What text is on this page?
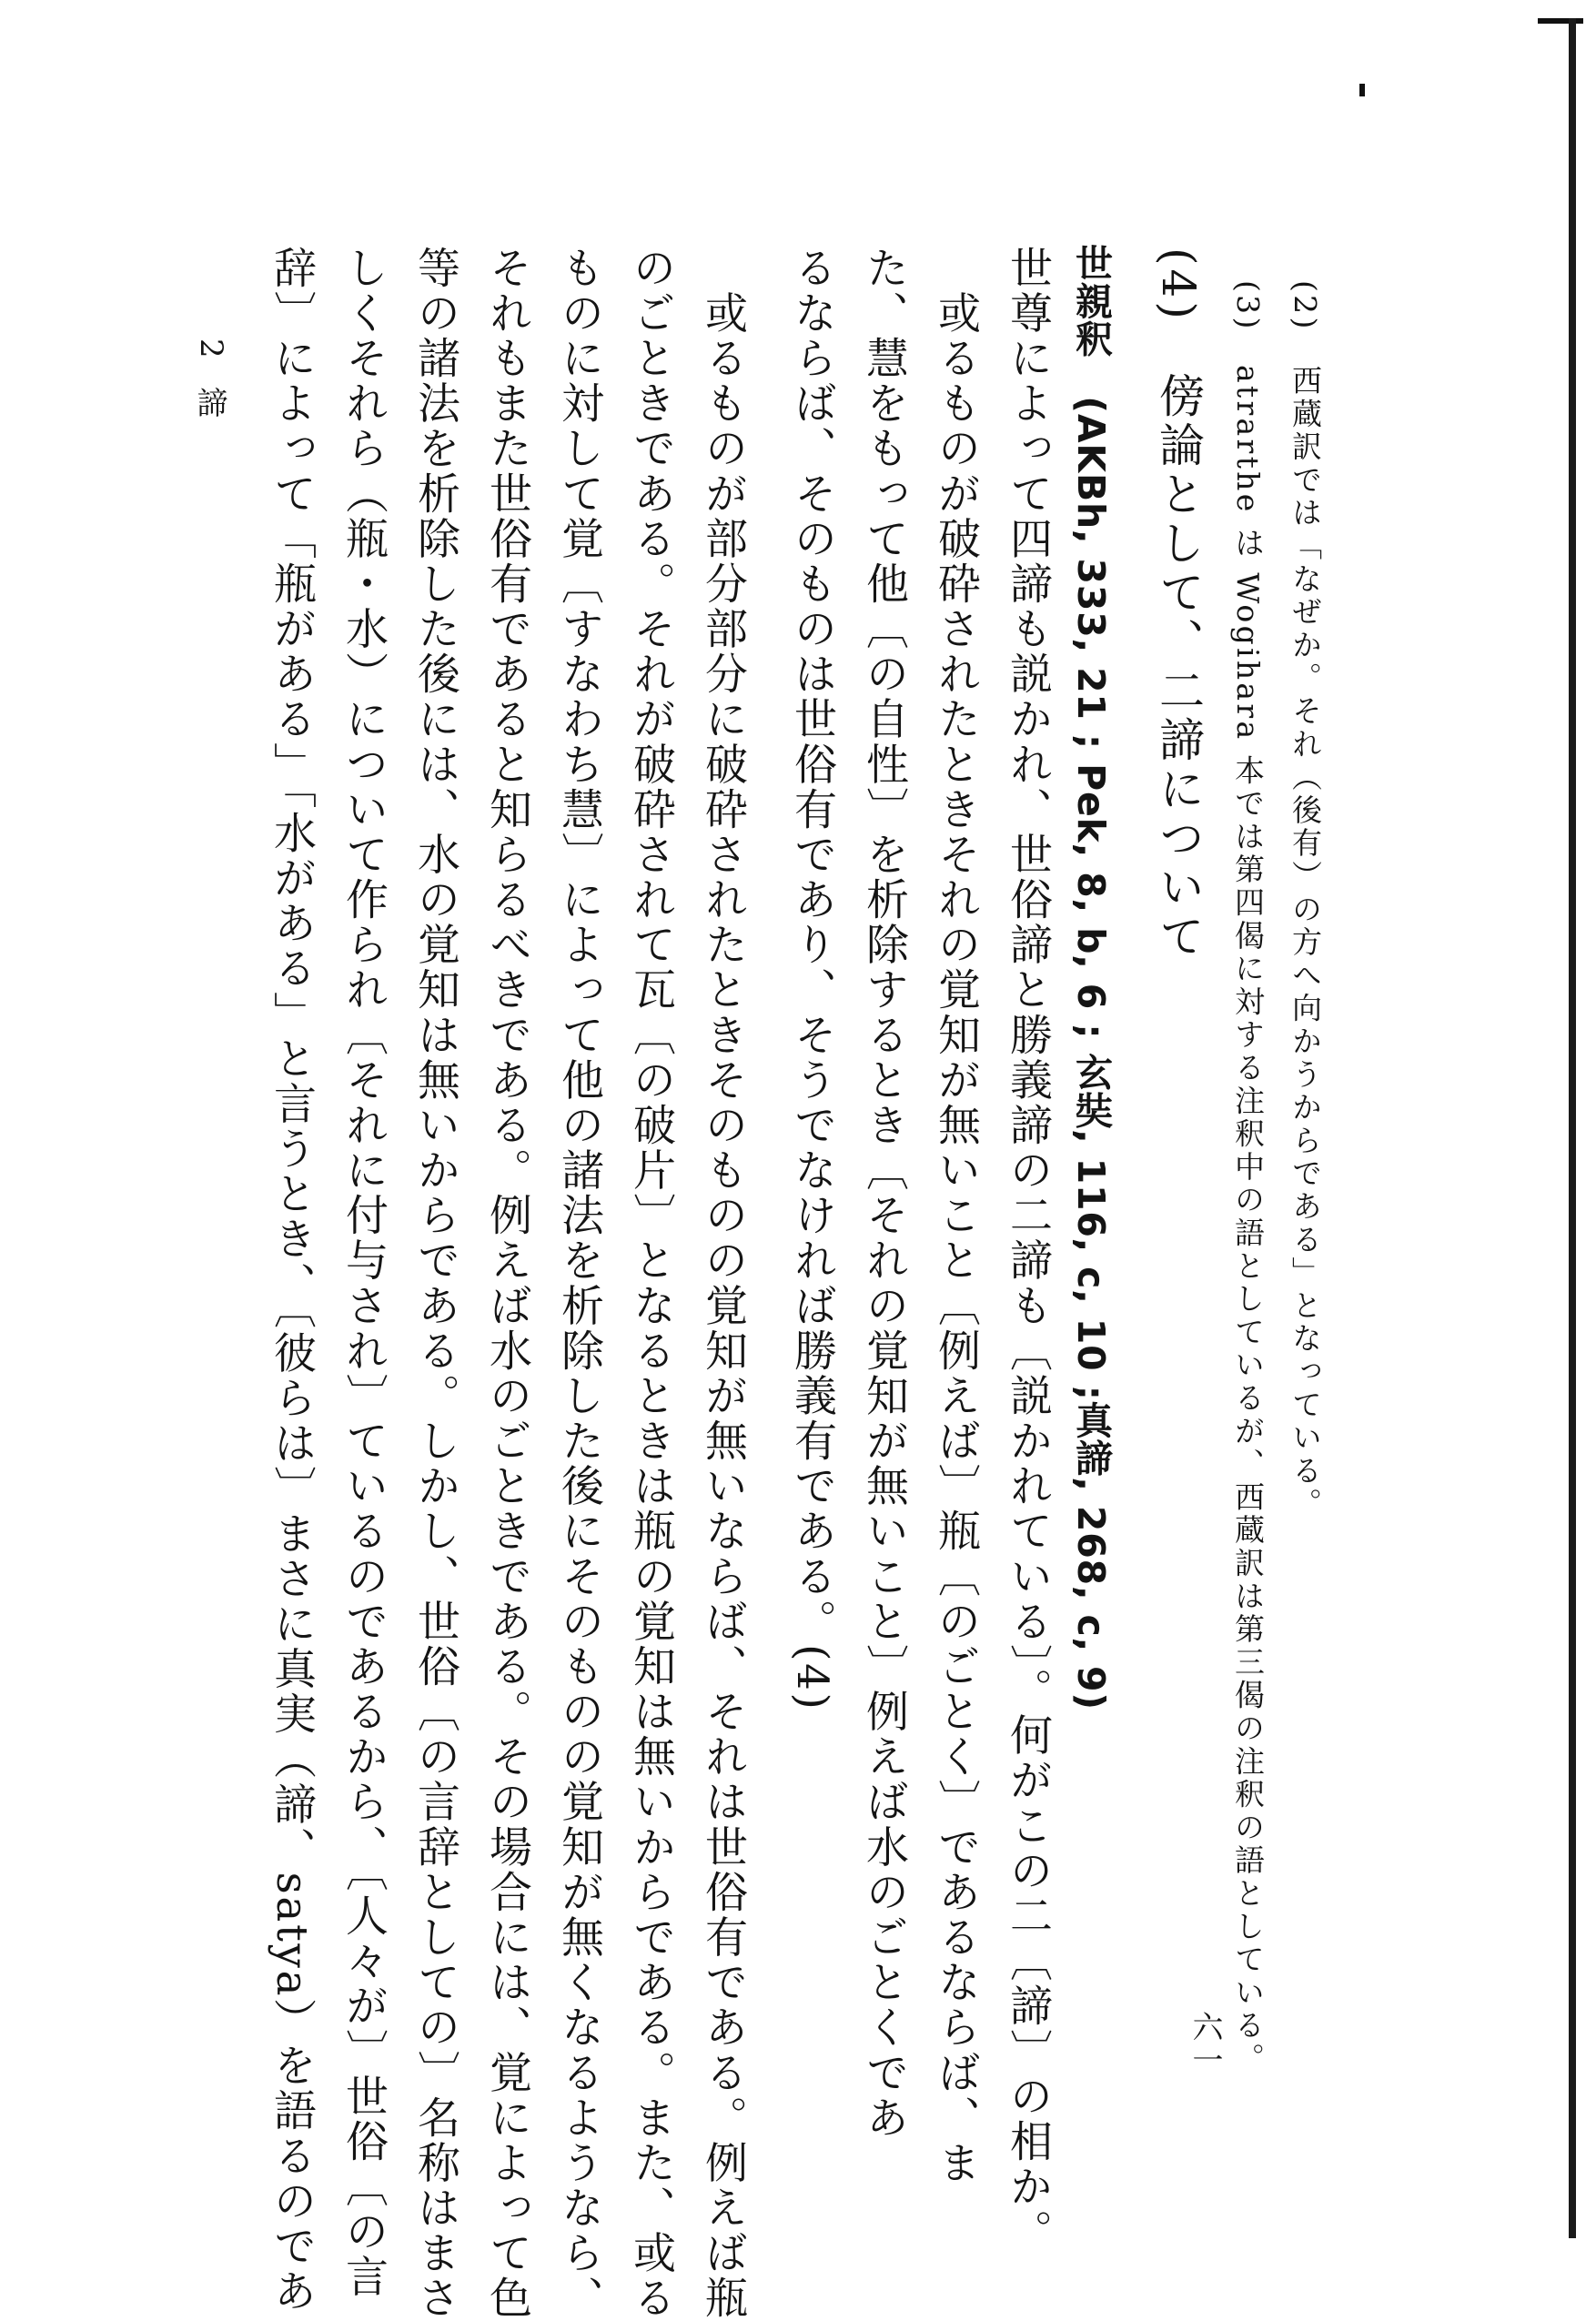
(2)　西蔵訳では「なぜか。それ（後有）の方へ向かうからである」となっている。
(3)　atrarthe は Wogihara 本では第四偈に対する注釈中の語としているが、西蔵訳は第三偈の注釈の語としている。
(4)　傍論として、二諦について
世親釈　(AKBh, 333, 21 ; Pek, 8, b, 6 ; 玄奘, 116, c, 10 ;真諦, 268, c, 9)
世尊によって四諦も説かれ、世俗諦と勝義諦の二諦も〔説かれている〕。何がこの二〔諦〕の相か。
　或るものが破砕されたときそれの覚知が無いこと〔例えば〕瓶〔のごとく〕であるならば、ま
た、慧をもって他〔の自性〕を析除するとき〔それの覚知が無いこと〕例えば水のごとくであ
るならば、そのものは世俗有であり、そうでなければ勝義有である。(4)
　或るものが部分部分に破砕されたときそのものの覚知が無いならば、それは世俗有である。例えば瓶
のごときである。それが破砕されて瓦〔の破片〕となるときは瓶の覚知は無いからである。また、或る
ものに対して覚〔すなわち慧〕によって他の諸法を析除した後にそのものの覚知が無くなるようなら、
それもまた世俗有であると知らるべきである。例えば水のごときである。その場合には、覚によって色
等の諸法を析除した後には、水の覚知は無いからである。しかし、世俗〔の言辞としての〕名称はまさ
しくそれら（瓶・水）について作られ〔それに付与され〕ているのであるから、〔人々が〕世俗〔の言
辞〕によって「瓶がある」「水がある」と言うとき、〔彼らは〕まさに真実（諦、satya）を語るのであ	六一
2
諦
